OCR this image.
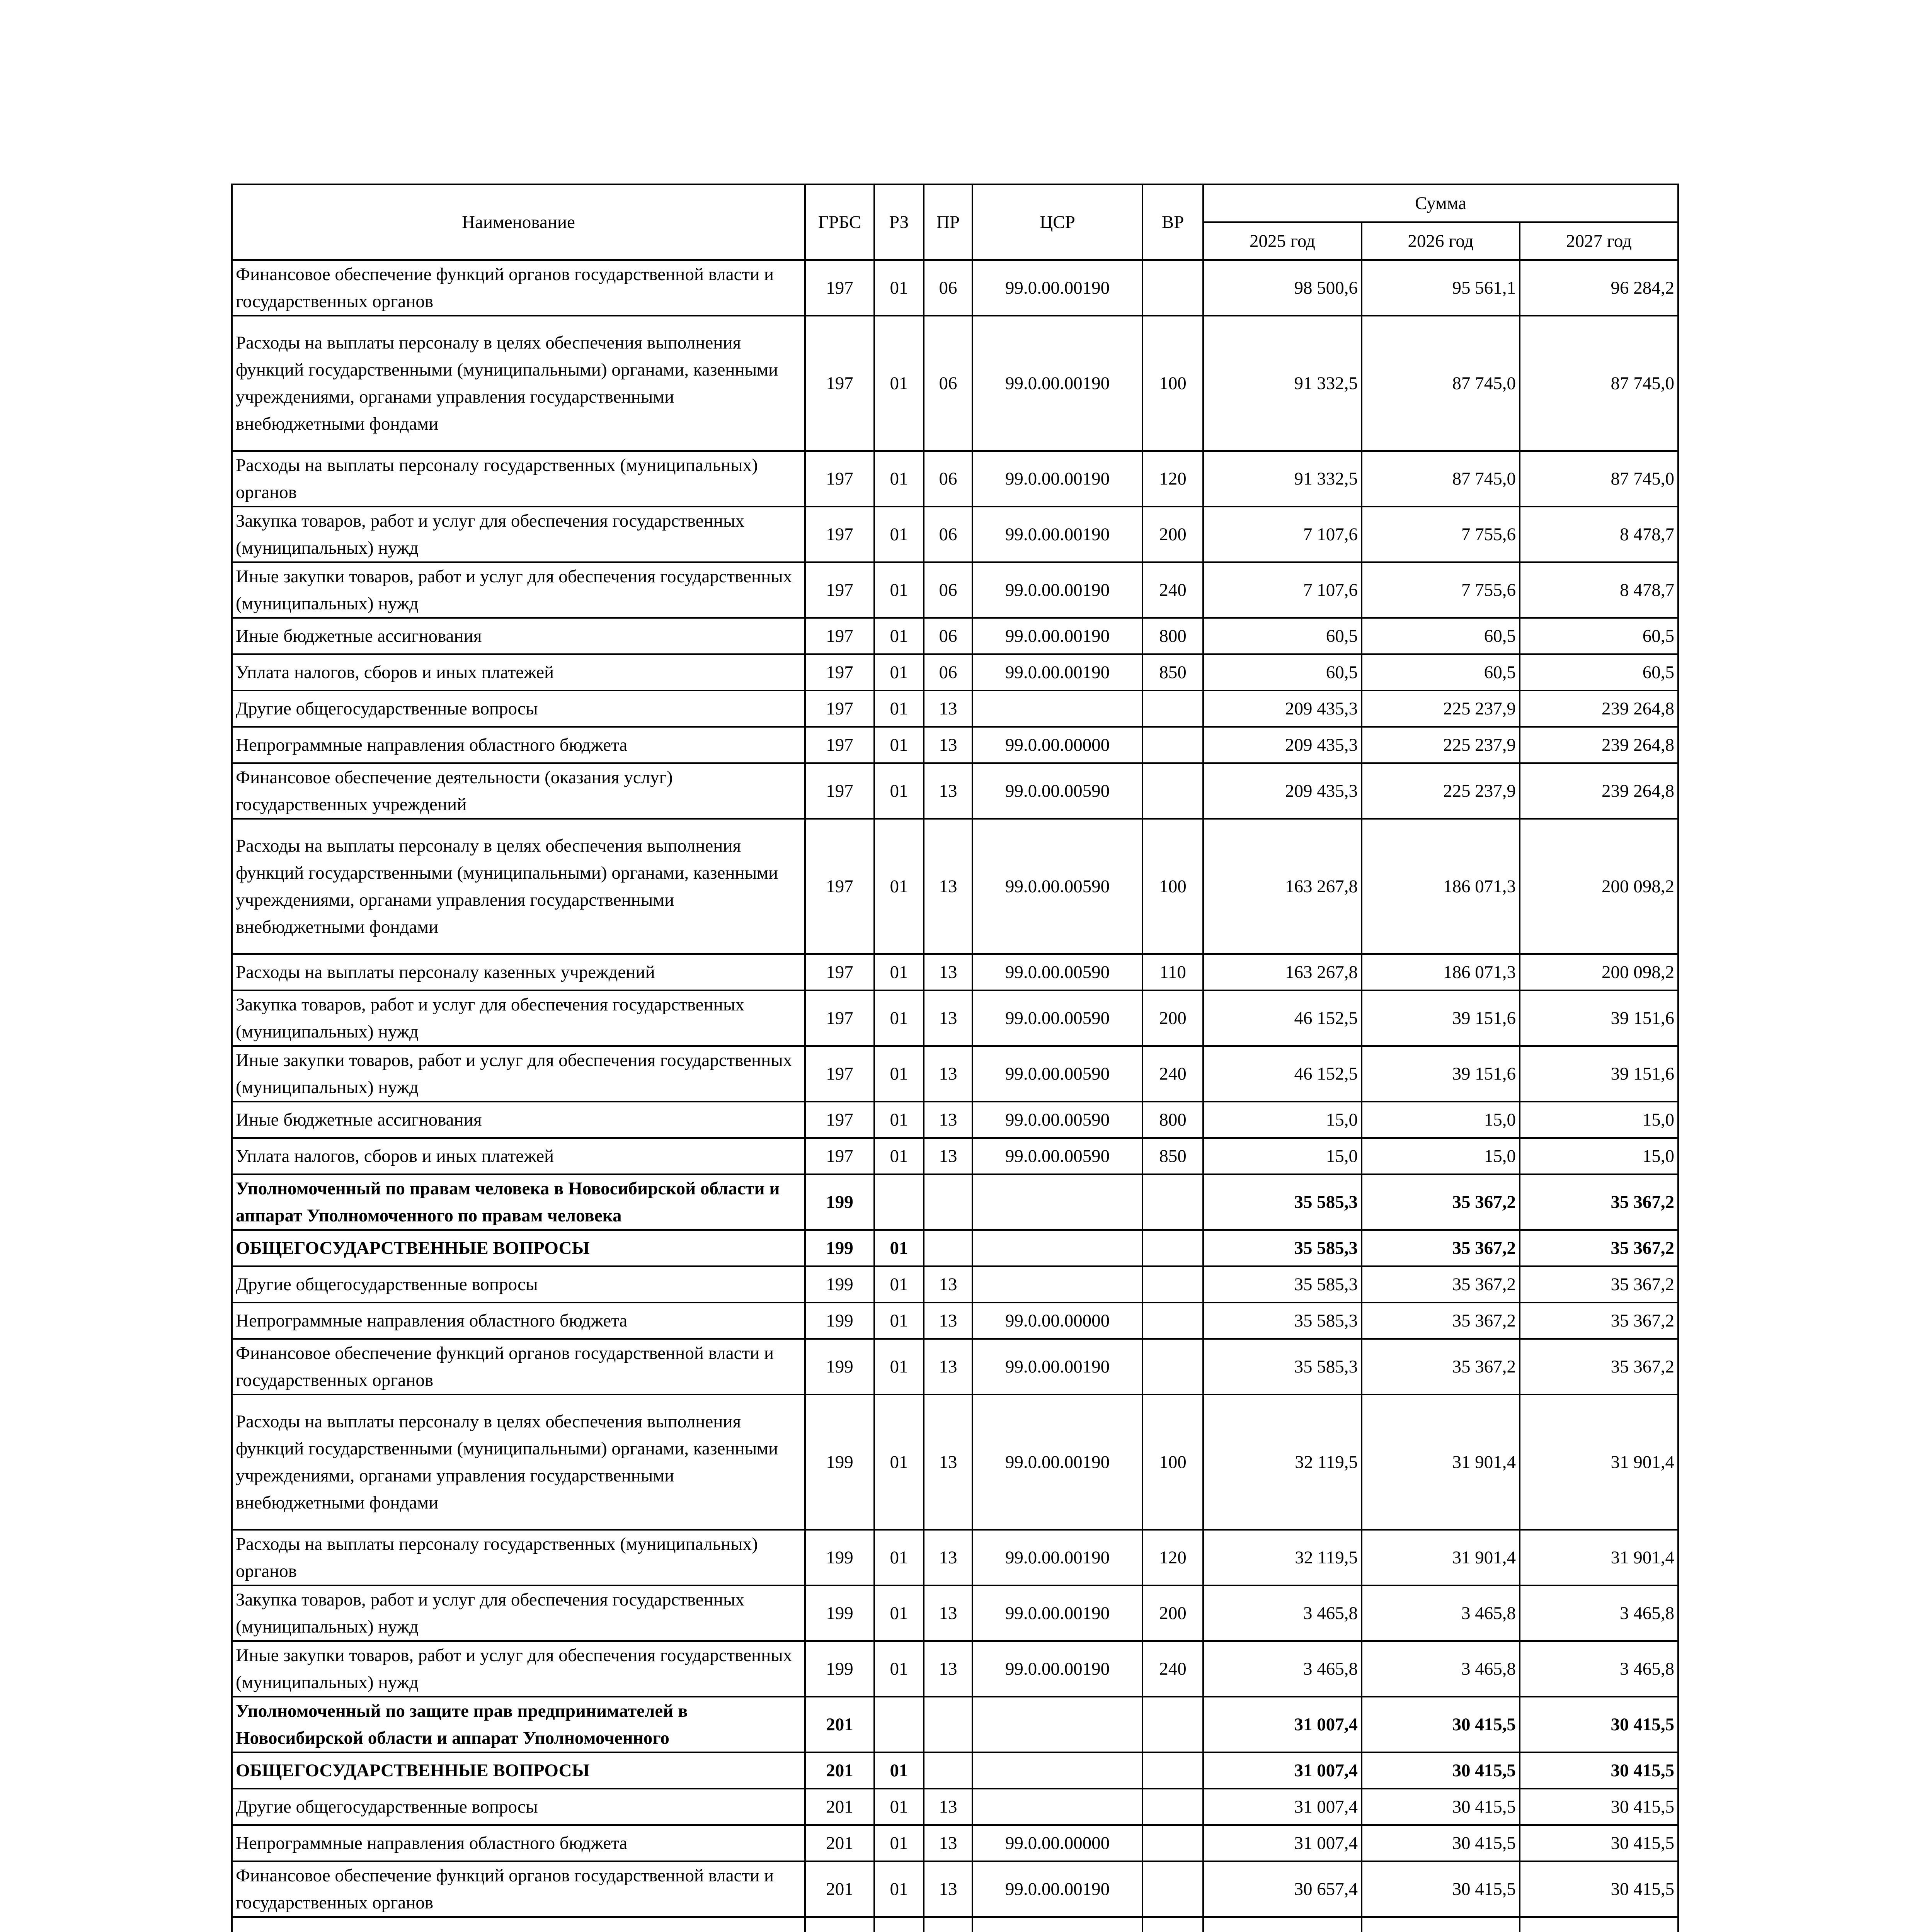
Наименование	ГРБС	РЗ	ПР	ЦСР	ВР	Сумма		
						2025 год	2026 год	2027 год
Финансовое обеспечение функций органов государственной власти и государственных органов	197	01	06	99.0.00.00190		98 500,6	95 561,1	96 284,2
Расходы на выплаты персоналу в целях обеспечения выполнения функций государственными (муниципальными) органами, казенными учреждениями, органами управления государственными внебюджетными фондами	197	01	06	99.0.00.00190	100	91 332,5	87 745,0	87 745,0
Расходы на выплаты персоналу государственных (муниципальных) органов	197	01	06	99.0.00.00190	120	91 332,5	87 745,0	87 745,0
Закупка товаров, работ и услуг для обеспечения государственных (муниципальных) нужд	197	01	06	99.0.00.00190	200	7 107,6	7 755,6	8 478,7
Иные закупки товаров, работ и услуг для обеспечения государственных (муниципальных) нужд	197	01	06	99.0.00.00190	240	7 107,6	7 755,6	8 478,7
Иные бюджетные ассигнования	197	01	06	99.0.00.00190	800	60,5	60,5	60,5
Уплата налогов, сборов и иных платежей	197	01	06	99.0.00.00190	850	60,5	60,5	60,5
Другие общегосударственные вопросы	197	01	13			209 435,3	225 237,9	239 264,8
Непрограммные направления областного бюджета	197	01	13	99.0.00.00000		209 435,3	225 237,9	239 264,8
Финансовое обеспечение деятельности (оказания услуг) государственных учреждений	197	01	13	99.0.00.00590		209 435,3	225 237,9	239 264,8
Расходы на выплаты персоналу в целях обеспечения выполнения функций государственными (муниципальными) органами, казенными учреждениями, органами управления государственными внебюджетными фондами	197	01	13	99.0.00.00590	100	163 267,8	186 071,3	200 098,2
Расходы на выплаты персоналу казенных учреждений	197	01	13	99.0.00.00590	110	163 267,8	186 071,3	200 098,2
Закупка товаров, работ и услуг для обеспечения государственных (муниципальных) нужд	197	01	13	99.0.00.00590	200	46 152,5	39 151,6	39 151,6
Иные закупки товаров, работ и услуг для обеспечения государственных (муниципальных) нужд	197	01	13	99.0.00.00590	240	46 152,5	39 151,6	39 151,6
Иные бюджетные ассигнования	197	01	13	99.0.00.00590	800	15,0	15,0	15,0
Уплата налогов, сборов и иных платежей	197	01	13	99.0.00.00590	850	15,0	15,0	15,0
Уполномоченный по правам человека в Новосибирской области и аппарат Уполномоченного по правам человека	199					35 585,3	35 367,2	35 367,2
ОБЩЕГОСУДАРСТВЕННЫЕ ВОПРОСЫ	199	01				35 585,3	35 367,2	35 367,2
Другие общегосударственные вопросы	199	01	13			35 585,3	35 367,2	35 367,2
Непрограммные направления областного бюджета	199	01	13	99.0.00.00000		35 585,3	35 367,2	35 367,2
Финансовое обеспечение функций органов государственной власти и государственных органов	199	01	13	99.0.00.00190		35 585,3	35 367,2	35 367,2
Расходы на выплаты персоналу в целях обеспечения выполнения функций государственными (муниципальными) органами, казенными учреждениями, органами управления государственными внебюджетными фондами	199	01	13	99.0.00.00190	100	32 119,5	31 901,4	31 901,4
Расходы на выплаты персоналу государственных (муниципальных) органов	199	01	13	99.0.00.00190	120	32 119,5	31 901,4	31 901,4
Закупка товаров, работ и услуг для обеспечения государственных (муниципальных) нужд	199	01	13	99.0.00.00190	200	3 465,8	3 465,8	3 465,8
Иные закупки товаров, работ и услуг для обеспечения государственных (муниципальных) нужд	199	01	13	99.0.00.00190	240	3 465,8	3 465,8	3 465,8
Уполномоченный по защите прав предпринимателей в Новосибирской области и аппарат Уполномоченного	201					31 007,4	30 415,5	30 415,5
ОБЩЕГОСУДАРСТВЕННЫЕ ВОПРОСЫ	201	01				31 007,4	30 415,5	30 415,5
Другие общегосударственные вопросы	201	01	13			31 007,4	30 415,5	30 415,5
Непрограммные направления областного бюджета	201	01	13	99.0.00.00000		31 007,4	30 415,5	30 415,5
Финансовое обеспечение функций органов государственной власти и государственных органов	201	01	13	99.0.00.00190		30 657,4	30 415,5	30 415,5
